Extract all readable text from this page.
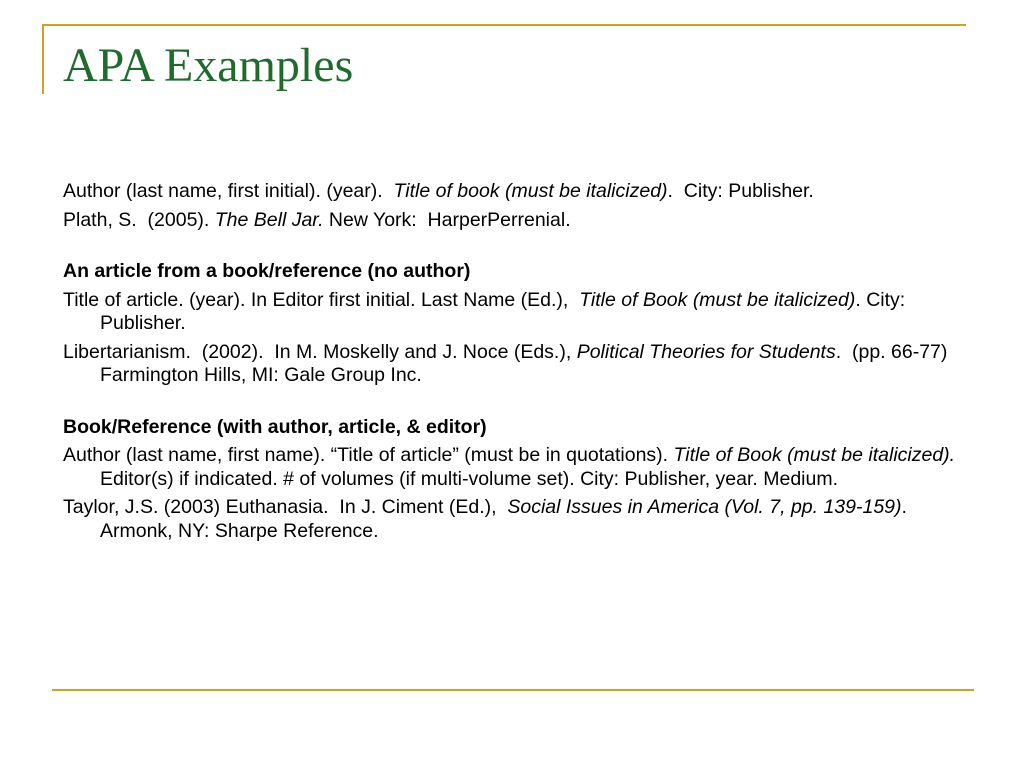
APA Examples

Author (last name, first initial). (year).  Title of book (must be italicized).  City: Publisher.

Plath, S.  (2005). The Bell Jar. New York:  HarperPerrenial.

An article from a book/reference (no author)

Title of article. (year). In Editor first initial. Last Name (Ed.),  Title of Book (must be italicized). City: Publisher.

Libertarianism.  (2002).  In M. Moskelly and J. Noce (Eds.), Political Theories for Students.  (pp. 66-77)  Farmington Hills, MI: Gale Group Inc.

Book/Reference (with author, article, & editor)

Author (last name, first name). “Title of article” (must be in quotations). Title of Book (must be italicized). Editor(s) if indicated. # of volumes (if multi-volume set). City: Publisher, year. Medium.

Taylor, J.S. (2003) Euthanasia.  In J. Ciment (Ed.),  Social Issues in America (Vol. 7, pp. 139-159).  Armonk, NY: Sharpe Reference.
